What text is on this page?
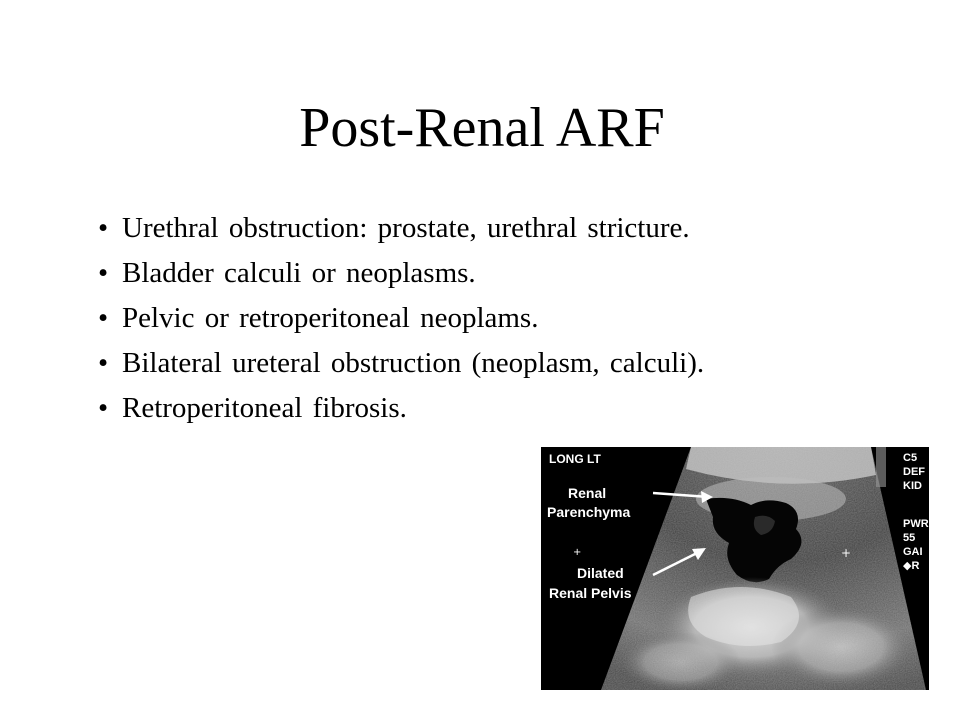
Post-Renal ARF
• Urethral obstruction: prostate, urethral stricture.
• Bladder calculi or neoplasms.
• Pelvic or retroperitoneal neoplams.
• Bilateral ureteral obstruction (neoplasm, calculi).
• Retroperitoneal fibrosis.
LONG LT	C5
DEF
KID
PWR
55
GAI
◆R
+
+
Renal
Parenchyma
Dilated
Renal Pelvis
